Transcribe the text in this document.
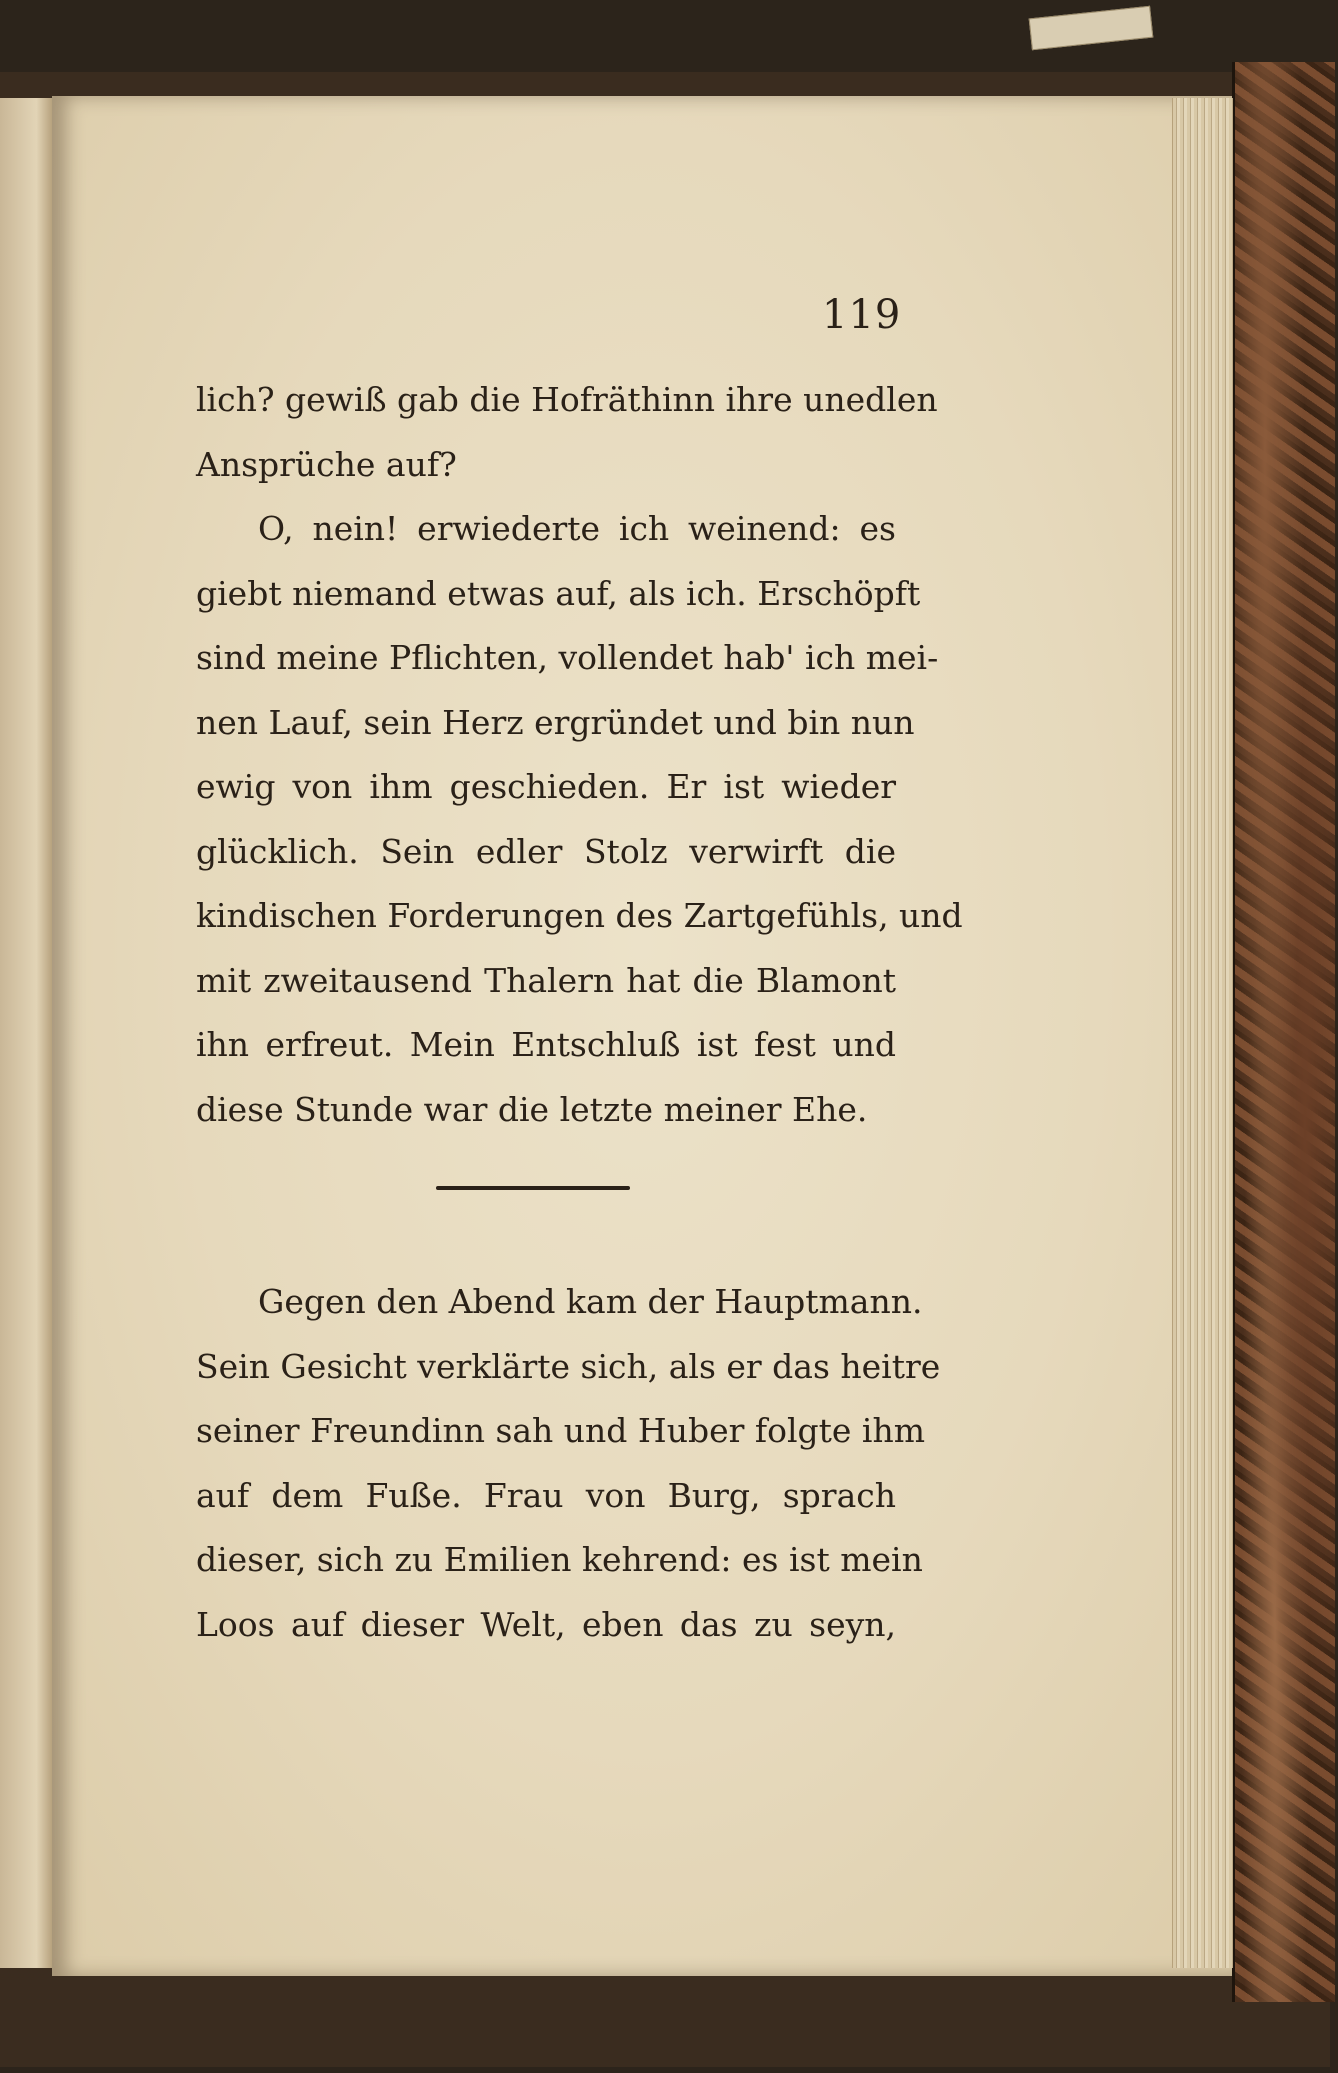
119
lich? gewiß gab die Hofräthinn ihre unedlen
Ansprüche auf?
O, nein! erwiederte ich weinend: es
giebt niemand etwas auf, als ich. Erschöpft
sind meine Pflichten, vollendet hab' ich mei-
nen Lauf, sein Herz ergründet und bin nun
ewig von ihm geschieden. Er ist wieder
glücklich. Sein edler Stolz verwirft die
kindischen Forderungen des Zartgefühls, und
mit zweitausend Thalern hat die Blamont
ihn erfreut. Mein Entschluß ist fest und
diese Stunde war die letzte meiner Ehe.
Gegen den Abend kam der Hauptmann.
Sein Gesicht verklärte sich, als er das heitre
seiner Freundinn sah und Huber folgte ihm
auf dem Fuße. Frau von Burg, sprach
dieser, sich zu Emilien kehrend: es ist mein
Loos auf dieser Welt, eben das zu seyn,
